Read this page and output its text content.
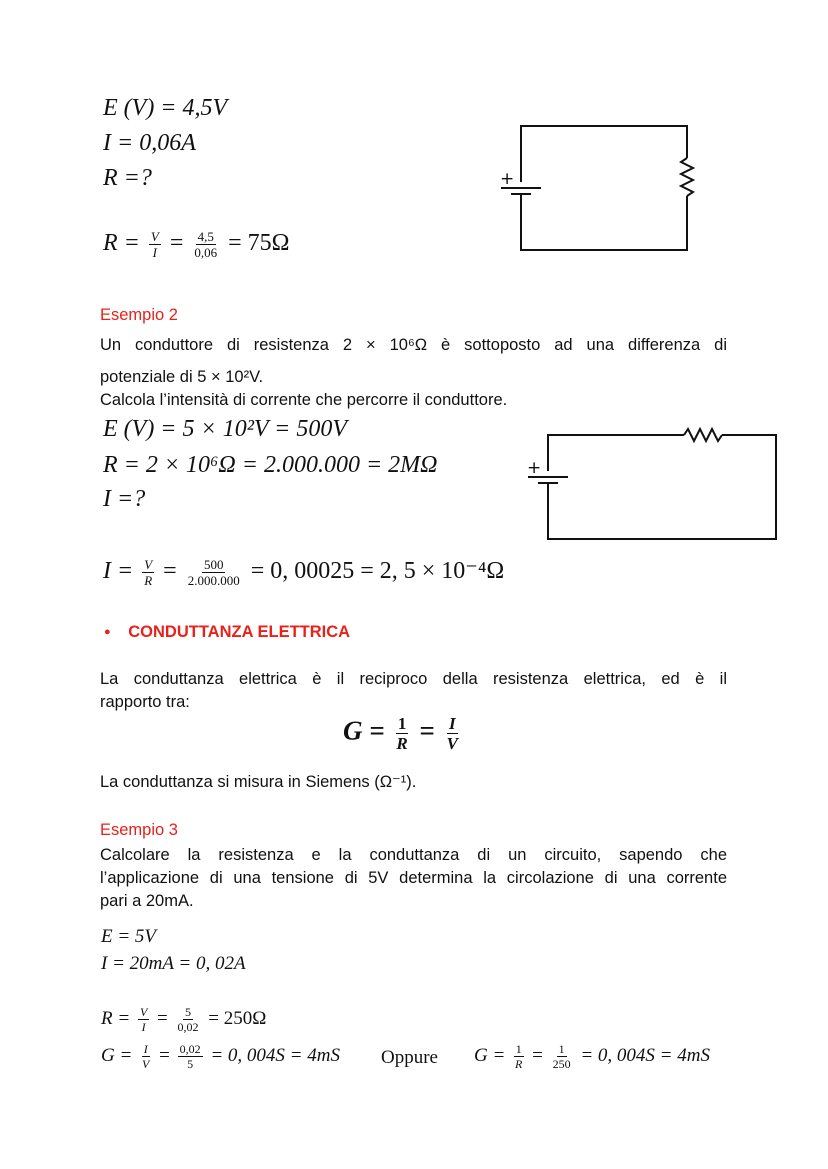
E (V) = 4,5V
I = 0,06A
R =?
$R = \frac{V}{I} = \frac{4,5}{0,06} = 75\Omega$
+
Esempio 2
Un conduttore di resistenza 2 × 10⁶Ω è sottoposto ad una differenza di
potenziale di 5 × 10²V.
Calcola l’intensità di corrente che percorre il conduttore.
E (V) = 5 × 10²V = 500V
R = 2 × 10⁶Ω = 2.000.000 = 2MΩ
I =?
$I = \frac{V}{R} = \frac{500}{2.000.000} = 0$, 00025 = 2, 5 × 10⁻⁴Ω
+
● CONDUTTANZA ELETTRICA
La conduttanza elettrica è il reciproco della resistenza elettrica, ed è il
rapporto tra:
$G = \frac{1}{R} = \frac{I}{V}$
La conduttanza si misura in Siemens (Ω⁻¹).
Esempio 3
Calcolare la resistenza e la conduttanza di un circuito, sapendo che
l’applicazione di una tensione di 5V determina la circolazione di una corrente
pari a 20mA.
E = 5V
I = 20mA = 0, 02A
$R = \frac{V}{I} = \frac{5}{0,02} = 250\Omega$
$G = \frac{I}{V} = \frac{0,02}{5} = 0$, 004S = 4mS Oppure $G = \frac{1}{R} = \frac{1}{250} = 0$, 004S = 4mS
